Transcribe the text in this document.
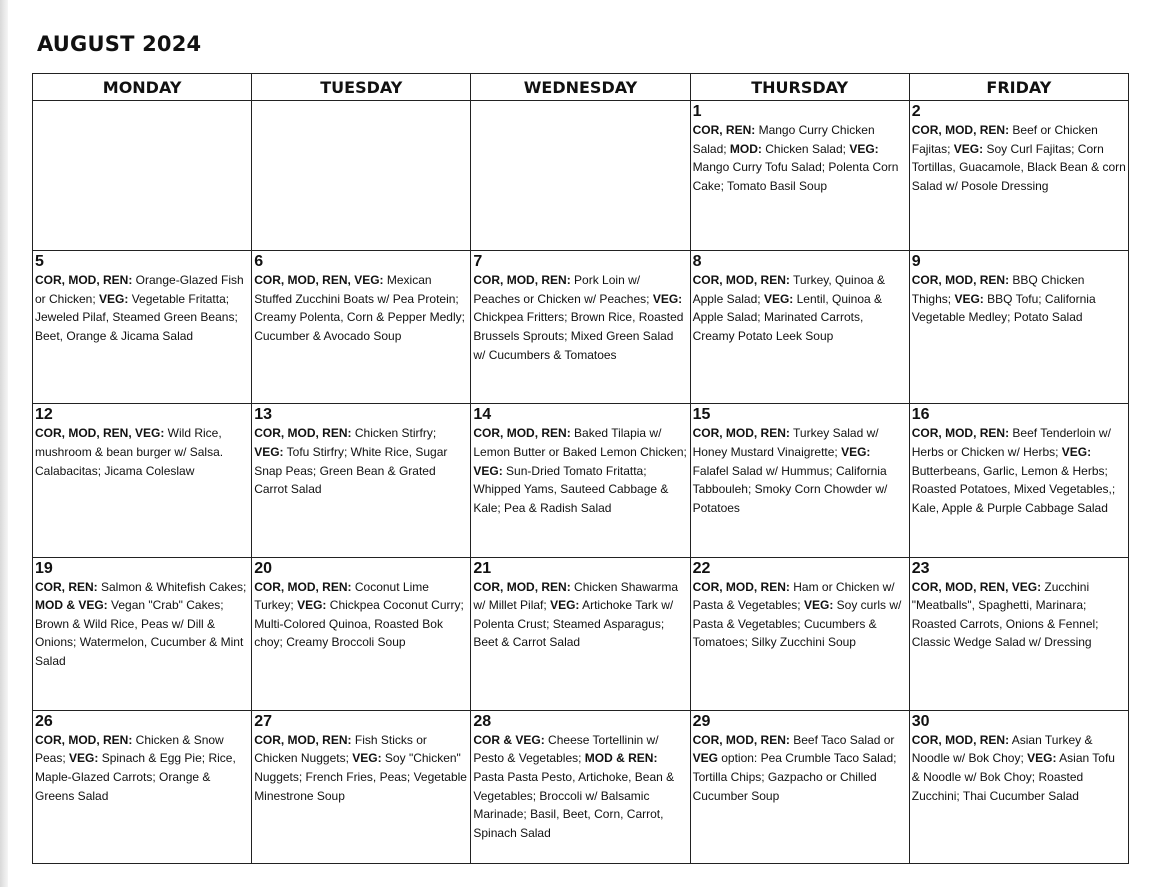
AUGUST 2024
MONDAY	TUESDAY	WEDNESDAY	THURSDAY	FRIDAY

			1
COR, REN: Mango Curry Chicken Salad; MOD: Chicken Salad; VEG: Mango Curry Tofu Salad; Polenta Corn Cake; Tomato Basil Soup	2
COR, MOD, REN: Beef or Chicken Fajitas; VEG: Soy Curl Fajitas; Corn Tortillas, Guacamole, Black Bean & corn Salad w/ Posole Dressing

5
COR, MOD, REN: Orange-Glazed Fish or Chicken; VEG: Vegetable Fritatta; Jeweled Pilaf, Steamed Green Beans; Beet, Orange & Jicama Salad	6
COR, MOD, REN, VEG: Mexican Stuffed Zucchini Boats w/ Pea Protein; Creamy Polenta, Corn & Pepper Medly; Cucumber & Avocado Soup	7
COR, MOD, REN: Pork Loin w/ Peaches or Chicken w/ Peaches; VEG: Chickpea Fritters; Brown Rice, Roasted Brussels Sprouts; Mixed Green Salad w/ Cucumbers & Tomatoes	8
COR, MOD, REN: Turkey, Quinoa & Apple Salad; VEG: Lentil, Quinoa & Apple Salad; Marinated Carrots, Creamy Potato Leek Soup	9
COR, MOD, REN: BBQ Chicken Thighs; VEG: BBQ Tofu; California Vegetable Medley; Potato Salad

12
COR, MOD, REN, VEG: Wild Rice, mushroom & bean burger w/ Salsa. Calabacitas; Jicama Coleslaw	13
COR, MOD, REN: Chicken Stirfry; VEG: Tofu Stirfry; White Rice, Sugar Snap Peas; Green Bean & Grated Carrot Salad	14
COR, MOD, REN: Baked Tilapia w/ Lemon Butter or Baked Lemon Chicken; VEG: Sun-Dried Tomato Fritatta; Whipped Yams, Sauteed Cabbage & Kale; Pea & Radish Salad	15
COR, MOD, REN: Turkey Salad w/ Honey Mustard Vinaigrette; VEG: Falafel Salad w/ Hummus; California Tabbouleh; Smoky Corn Chowder w/ Potatoes	16
COR, MOD, REN: Beef Tenderloin w/ Herbs or Chicken w/ Herbs; VEG: Butterbeans, Garlic, Lemon & Herbs; Roasted Potatoes, Mixed Vegetables,; Kale, Apple & Purple Cabbage Salad

19
COR, REN: Salmon & Whitefish Cakes; MOD & VEG: Vegan "Crab" Cakes; Brown & Wild Rice, Peas w/ Dill & Onions; Watermelon, Cucumber & Mint Salad	20
COR, MOD, REN: Coconut Lime Turkey; VEG: Chickpea Coconut Curry; Multi-Colored Quinoa, Roasted Bok choy; Creamy Broccoli Soup	21
COR, MOD, REN: Chicken Shawarma w/ Millet Pilaf; VEG: Artichoke Tark w/ Polenta Crust; Steamed Asparagus; Beet & Carrot Salad	22
COR, MOD, REN: Ham or Chicken w/ Pasta & Vegetables; VEG: Soy curls w/ Pasta & Vegetables; Cucumbers & Tomatoes; Silky Zucchini Soup	23
COR, MOD, REN, VEG: Zucchini "Meatballs", Spaghetti, Marinara; Roasted Carrots, Onions & Fennel; Classic Wedge Salad w/ Dressing

26
COR, MOD, REN: Chicken & Snow Peas; VEG: Spinach & Egg Pie; Rice, Maple-Glazed Carrots; Orange & Greens Salad	27
COR, MOD, REN: Fish Sticks or Chicken Nuggets; VEG: Soy "Chicken" Nuggets; French Fries, Peas; Vegetable Minestrone Soup	28
COR & VEG: Cheese Tortellinin w/ Pesto & Vegetables; MOD & REN: Pasta Pasta Pesto, Artichoke, Bean & Vegetables; Broccoli w/ Balsamic Marinade; Basil, Beet, Corn, Carrot, Spinach Salad	29
COR, MOD, REN: Beef Taco Salad or VEG option: Pea Crumble Taco Salad; Tortilla Chips; Gazpacho or Chilled Cucumber Soup	30
COR, MOD, REN: Asian Turkey & Noodle w/ Bok Choy; VEG: Asian Tofu & Noodle w/ Bok Choy; Roasted Zucchini; Thai Cucumber Salad
